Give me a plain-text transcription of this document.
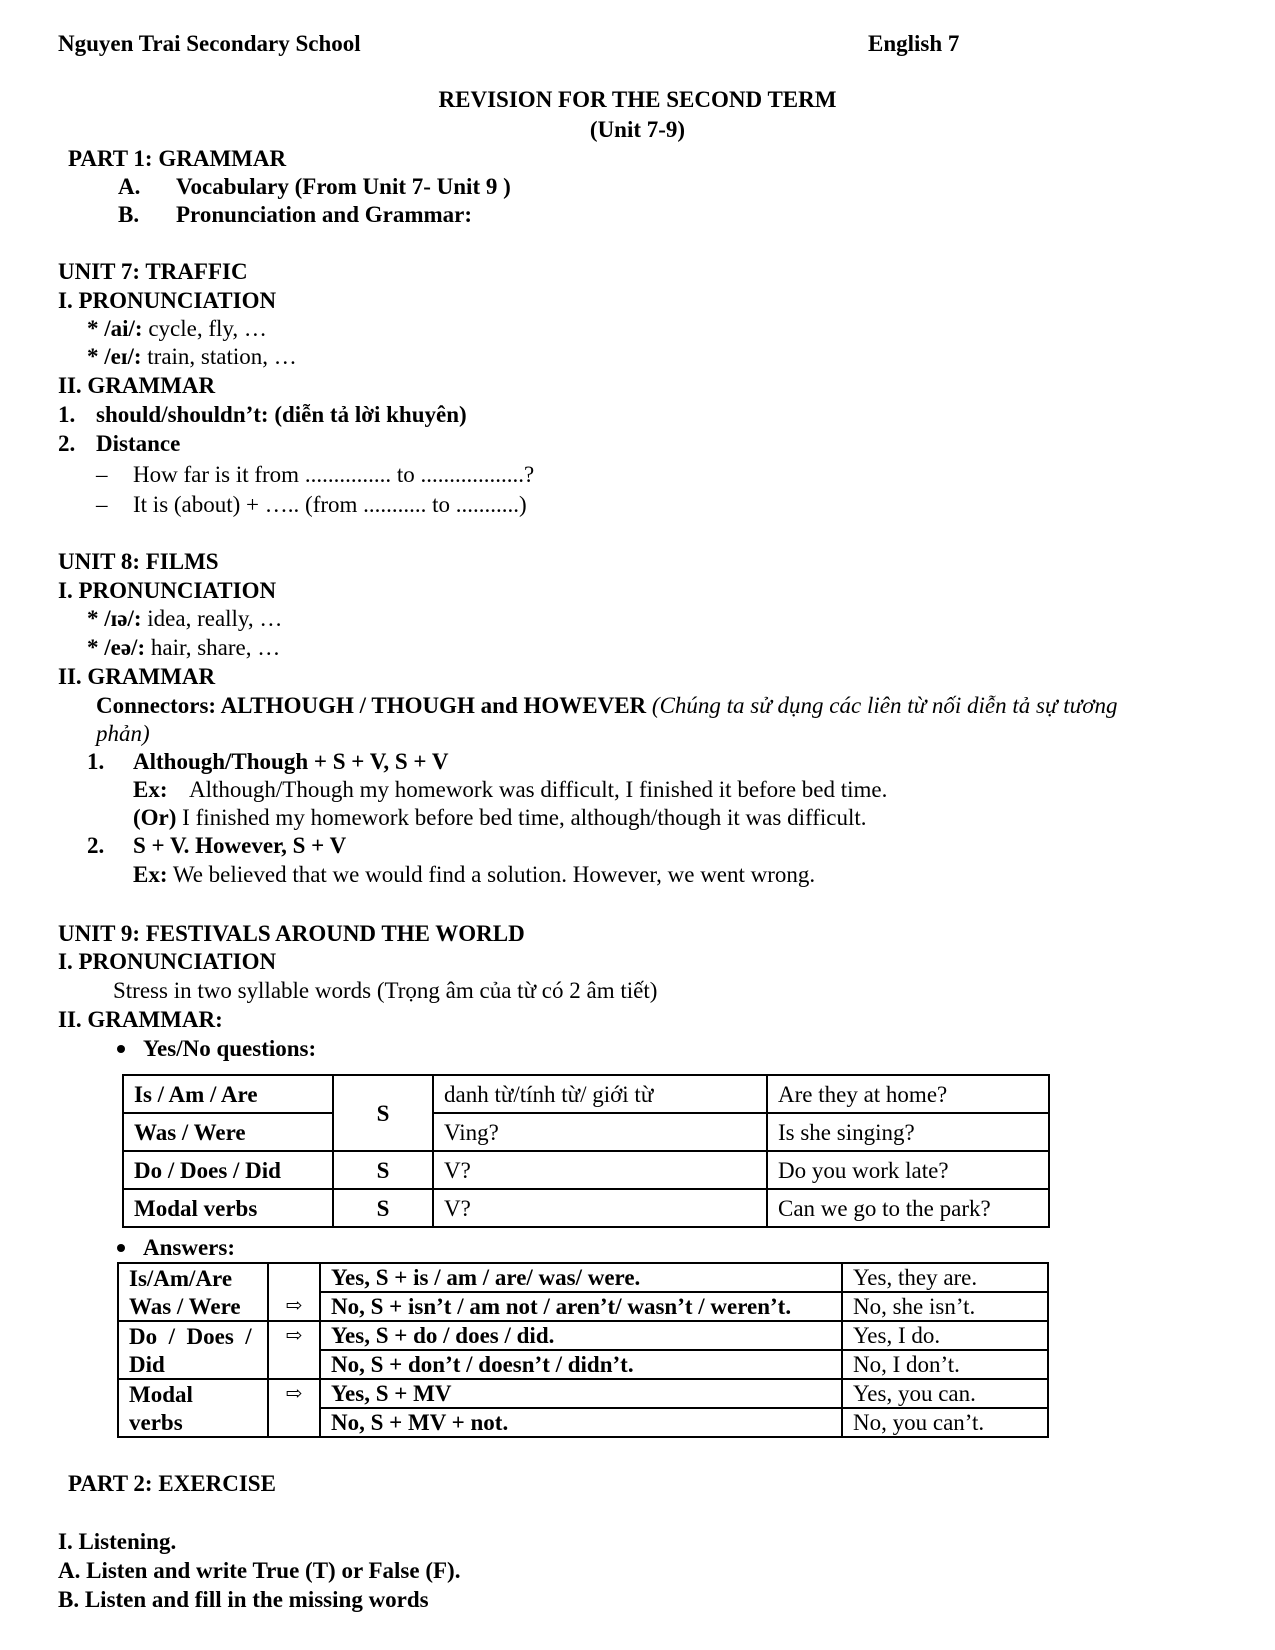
Nguyen Trai Secondary School	English 7
REVISION FOR THE SECOND TERM
(Unit 7-9)
PART 1: GRAMMAR
A. Vocabulary (From Unit 7- Unit 9 )
B. Pronunciation and Grammar:
UNIT 7: TRAFFIC
I. PRONUNCIATION
* /ai/: cycle, fly, …
* /eɪ/: train, station, …
II. GRAMMAR
1. should/shouldn’t: (diễn tả lời khuyên)
2. Distance
– How far is it from ............... to ..................?
– It is (about) + ….. (from ........... to ...........)
UNIT 8: FILMS
I. PRONUNCIATION
* /ɪə/: idea, really, …
* /eə/: hair, share, …
II. GRAMMAR
Connectors: ALTHOUGH / THOUGH and HOWEVER (Chúng ta sử dụng các liên từ nối diễn tả sự tương
phản)
1. Although/Though + S + V, S + V
Ex: Although/Though my homework was difficult, I finished it before bed time.
(Or) I finished my homework before bed time, although/though it was difficult.
2. S + V. However, S + V
Ex: We believed that we would find a solution. However, we went wrong.
UNIT 9: FESTIVALS AROUND THE WORLD
I. PRONUNCIATION
Stress in two syllable words (Trọng âm của từ có 2 âm tiết)
II. GRAMMAR:
Yes/No questions:
Is / Am / Are	S	danh từ/tính từ/ giới từ	Are they at home?
Was / Were		Ving?	Is she singing?
Do / Does / Did	S	V?	Do you work late?
Modal verbs	S	V?	Can we go to the park?
Answers:
Is/Am/Are		Yes, S + is / am / are/ was/ were.	Yes, they are.
Was / Were	⇨	No, S + isn’t / am not / aren’t/ wasn’t / weren’t.	No, she isn’t.
Do  /  Does  /	⇨	Yes, S + do / does / did.	Yes, I do.
Did		No, S + don’t / doesn’t / didn’t.	No, I don’t.
Modal	⇨	Yes, S + MV	Yes, you can.
verbs		No, S + MV + not.	No, you can’t.
PART 2: EXERCISE
I. Listening.
A. Listen and write True (T) or False (F).
B. Listen and fill in the missing words
